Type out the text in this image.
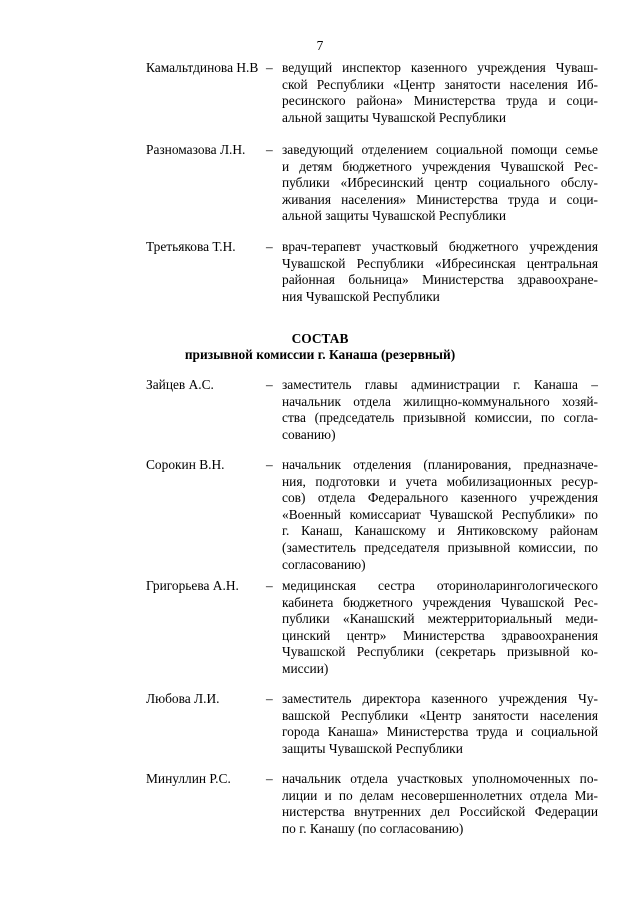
7
Камальтдинова Н.В – ведущий инспектор казенного учреждения Чуваш-
ской Республики «Центр занятости населения Иб-
ресинского района» Министерства труда и соци-
альной защиты Чувашской Республики
Разномазова Л.Н. – заведующий отделением социальной помощи семье
и детям бюджетного учреждения Чувашской Рес-
публики «Ибресинский центр социального обслу-
живания населения» Министерства труда и соци-
альной защиты Чувашской Республики
Третьякова Т.Н. – врач-терапевт участковый бюджетного учреждения
Чувашской Республики «Ибресинская центральная
районная больница» Министерства здравоохране-
ния Чувашской Республики
СОСТАВ
призывной комиссии г. Канаша (резервный)
Зайцев А.С.	– заместитель главы администрации г. Канаша –
начальник отдела жилищно-коммунального хозяй-
ства (председатель призывной комиссии, по согла-
сованию)
Сорокин В.Н.	– начальник отделения (планирования, предназначе-
ния, подготовки и учета мобилизационных ресур-
сов) отдела Федерального казенного учреждения
«Военный комиссариат Чувашской Республики» по
г. Канаш, Канашскому и Янтиковскому районам
(заместитель председателя призывной комиссии, по
согласованию)
Григорьева А.Н. – медицинская сестра оториноларингологического
кабинета бюджетного учреждения Чувашской Рес-
публики «Канашский межтерриториальный меди-
цинский центр» Министерства здравоохранения
Чувашской Республики (секретарь призывной ко-
миссии)
Любова Л.И.	– заместитель директора казенного учреждения Чу-
вашской Республики «Центр занятости населения
города Канаша» Министерства труда и социальной
защиты Чувашской Республики
Минуллин Р.С.	– начальник отдела участковых уполномоченных по-
лиции и по делам несовершеннолетних отдела Ми-
нистерства внутренних дел Российской Федерации
по г. Канашу (по согласованию)
